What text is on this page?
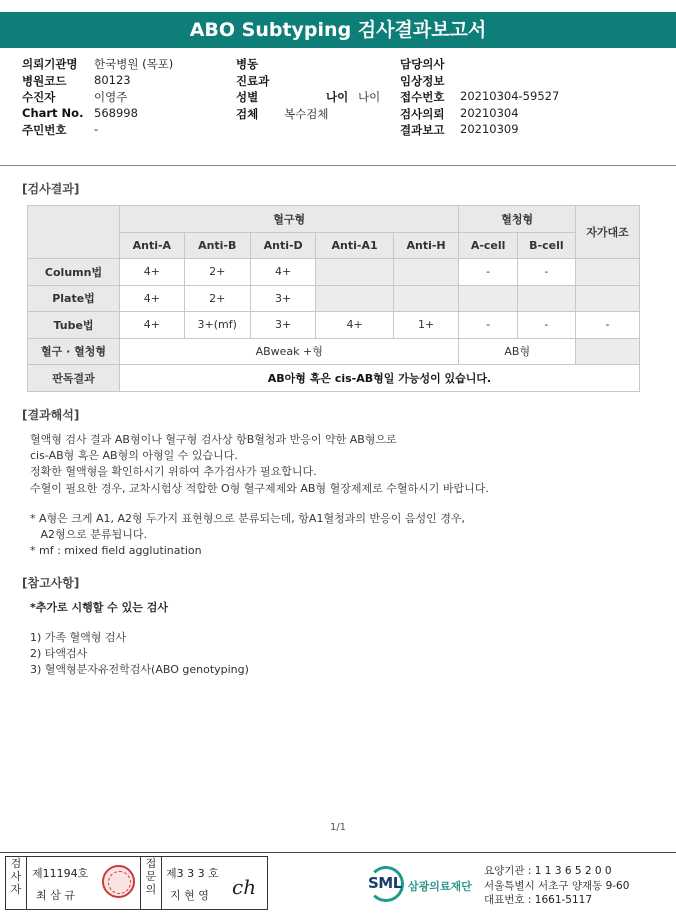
ABO Subtyping 검사결과보고서
의뢰기관명 한국병원 (목포)	병동	담당의사
병원코드 80123	진료과	임상정보
수진자	이영주	성별	나이 나이 접수번호 20210304-59527
Chart No. 568998	검체 복수검체	검사의뢰 20210304
주민번호 -	결과보고 20210309
[검사결과]
	혈구형					혈청형		자가대조
	Anti-A	Anti-B	Anti-D	Anti-A1	Anti-H	A-cell	B-cell	
Column법	4+	2+	4+			-	-	
Plate법	4+	2+	3+					
Tube법	4+	3+(mf)	3+	4+	1+	-	-	-
혈구 · 혈청형	ABweak +형					AB형		
판독결과	AB아형 혹은 cis-AB형일 가능성이 있습니다.							
[결과해석]
혈액형 검사 결과 AB형이나 혈구형 검사상 항B혈청과 반응이 약한 AB형으로
cis-AB형 혹은 AB형의 아형일 수 있습니다.
정확한 혈액형을 확인하시기 위하여 추가검사가 필요합니다.
수혈이 필요한 경우, 교차시험상 적합한 O형 혈구제제와 AB형 혈장제제로 수혈하시기 바랍니다.
* A형은 크게 A1, A2형 두가지 표현형으로 분류되는데, 항A1혈청과의 반응이 음성인 경우,
A2형으로 분류됩니다.
* mf : mixed field agglutination
[참고사항]
*추가로 시행할 수 있는 검사
1) 가족 혈액형 검사
2) 타액검사
3) 혈액형분자유전학검사(ABO genotyping)
1/1
검
사
자
제11194호
최 삼 규
접
문
의
제3 3 3 호
지 현 영 ch	SML 삼광의료재단
요양기관 : 1 1 3 6 5 2 0 0
서울특별시 서초구 양재동 9-60
대표번호 : 1661-5117
